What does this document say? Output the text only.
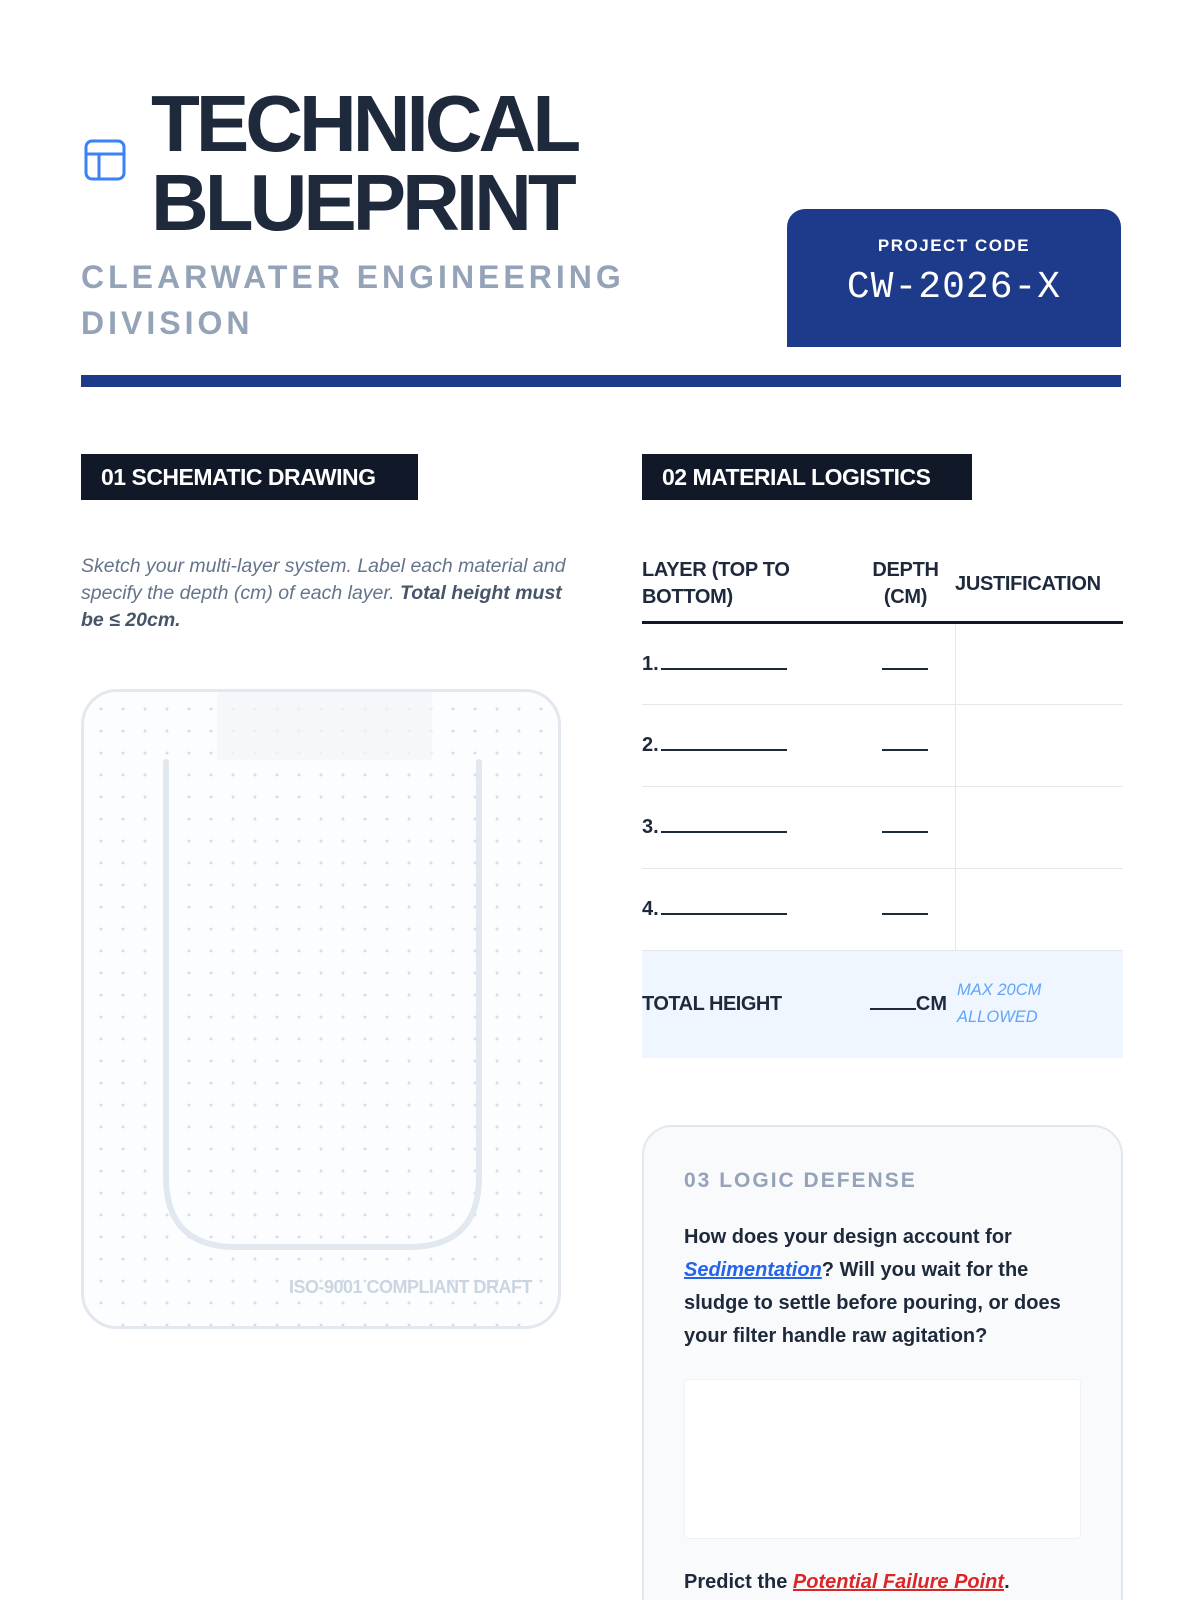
TECHNICAL
BLUEPRINT
CLEARWATER ENGINEERING DIVISION
PROJECT CODE
CW-2026-X
01 SCHEMATIC DRAWING	02 MATERIAL LOGISTICS
Sketch your multi-layer system. Label each material and specify the depth (cm) of each layer. Total height must be ≤ 20cm.
ISO-9001 COMPLIANT DRAFT
LAYER (TOP TO BOTTOM)	DEPTH (CM)	JUSTIFICATION
1.		
2.		
3.		
4.		
TOTAL HEIGHT	CM	MAX 20CM ALLOWED
03 LOGIC DEFENSE
How does your design account for Sedimentation? Will you wait for the sludge to settle before pouring, or does your filter handle raw agitation?
Predict the Potential Failure Point.
